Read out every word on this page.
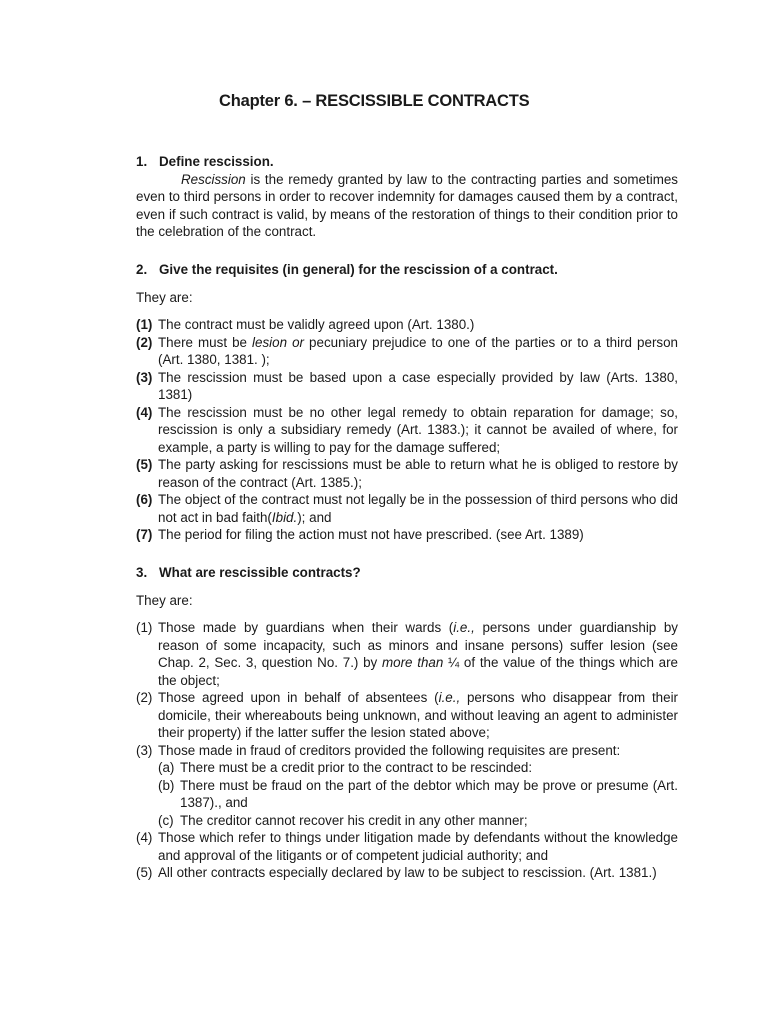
Chapter 6. – RESCISSIBLE CONTRACTS
1. Define rescission.
Rescission is the remedy granted by law to the contracting parties and sometimes even to third persons in order to recover indemnity for damages caused them by a contract, even if such contract is valid, by means of the restoration of things to their condition prior to the celebration of the contract.
2. Give the requisites (in general) for the rescission of a contract.
They are:
(1) The contract must be validly agreed upon (Art. 1380.)
(2) There must be lesion or pecuniary prejudice to one of the parties or to a third person (Art. 1380, 1381. );
(3) The rescission must be based upon a case especially provided by law (Arts. 1380, 1381)
(4) The rescission must be no other legal remedy to obtain reparation for damage; so, rescission is only a subsidiary remedy (Art. 1383.); it cannot be availed of where, for example, a party is willing to pay for the damage suffered;
(5) The party asking for rescissions must be able to return what he is obliged to restore by reason of the contract (Art. 1385.);
(6) The object of the contract must not legally be in the possession of third persons who did not act in bad faith(Ibid.); and
(7) The period for filing the action must not have prescribed. (see Art. 1389)
3. What are rescissible contracts?
They are:
(1) Those made by guardians when their wards (i.e., persons under guardianship by reason of some incapacity, such as minors and insane persons) suffer lesion (see Chap. 2, Sec. 3, question No. 7.) by more than ¼ of the value of the things which are the object;
(2) Those agreed upon in behalf of absentees (i.e., persons who disappear from their domicile, their whereabouts being unknown, and without leaving an agent to administer their property) if the latter suffer the lesion stated above;
(3) Those made in fraud of creditors provided the following requisites are present:
(a) There must be a credit prior to the contract to be rescinded:
(b) There must be fraud on the part of the debtor which may be prove or presume (Art. 1387)., and
(c) The creditor cannot recover his credit in any other manner;
(4) Those which refer to things under litigation made by defendants without the knowledge and approval of the litigants or of competent judicial authority; and
(5) All other contracts especially declared by law to be subject to rescission. (Art. 1381.)
